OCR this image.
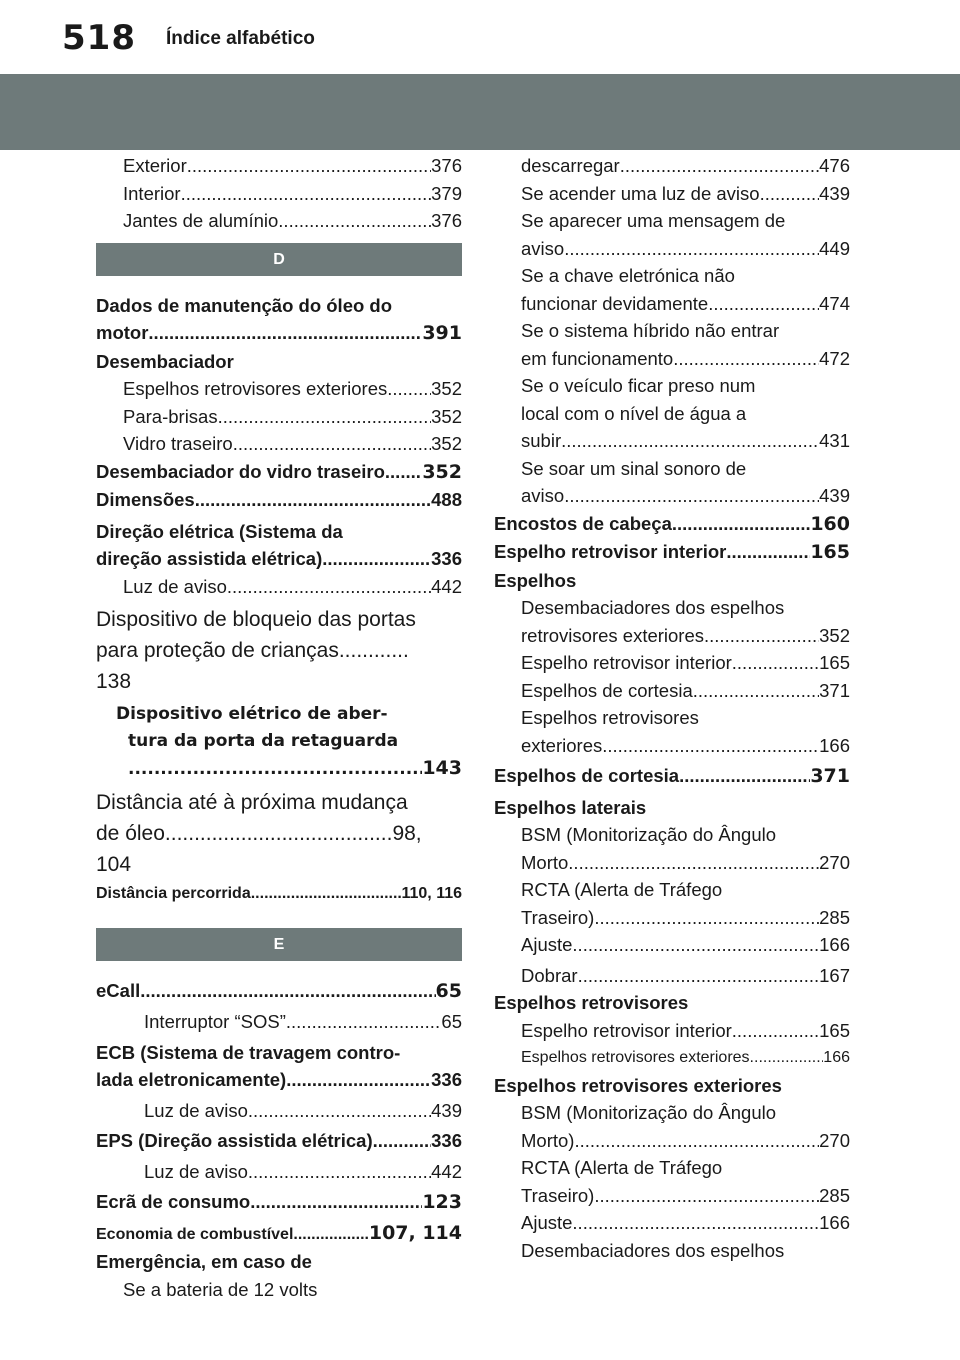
518 Índice alfabético
Exterior .....	376
Interior .....	379
Jantes de alumínio .....	376
D
Dados de manutenção do óleo do
motor .....	391
Desembaciador
Espelhos retrovisores exteriores ..... 352
Para-brisas .....	352
Vidro traseiro .....	352
Desembaciador do vidro traseiro ..... 352
Dimensões .....	488
Direção elétrica (Sistema da
direção assistida elétrica) .....	336
Luz de aviso .....	442
Dispositivo de bloqueio das portas
para proteção de crianças............
138
Dispositivo elétrico de aber-
tura da porta da retaguarda
.....
143
Distância até à próxima mudança
de óleo.......................................98,
104
Distância percorrida .....	110, 116
E
eCall .....	65
Interruptor “SOS” .....	65
ECB (Sistema de travagem contro-
lada eletronicamente) .....	336
Luz de aviso .....	439
EPS (Direção assistida elétrica) .....	336
Luz de aviso .....	442
Ecrã de consumo .....	123
Economia de combustível .....	107, 114
Emergência, em caso de
Se a bateria de 12 volts
descarregar .....	476
Se acender uma luz de aviso .....	439
Se aparecer uma mensagem de
aviso .....	449
Se a chave eletrónica não
funcionar devidamente .....	474
Se o sistema híbrido não entrar
em funcionamento .....	472
Se o veículo ficar preso num
local com o nível de água a
subir .....	431
Se soar um sinal sonoro de
aviso .....	439
Encostos de cabeça .....	160
Espelho retrovisor interior .....	165
Espelhos
Desembaciadores dos espelhos
retrovisores exteriores .....	352
Espelho retrovisor interior .....	165
Espelhos de cortesia .....	371
Espelhos retrovisores
exteriores .....	166
Espelhos de cortesia .....	371
Espelhos laterais
BSM (Monitorização do Ângulo
Morto .....	270
RCTA (Alerta de Tráfego
Traseiro) .....	285
Ajuste .....	166
Dobrar .....	167
Espelhos retrovisores
Espelho retrovisor interior .....	165
Espelhos retrovisores exteriores .....	166
Espelhos retrovisores exteriores
BSM (Monitorização do Ângulo
Morto) .....	270
RCTA (Alerta de Tráfego
Traseiro) .....	285
Ajuste .....	166
Desembaciadores dos espelhos
